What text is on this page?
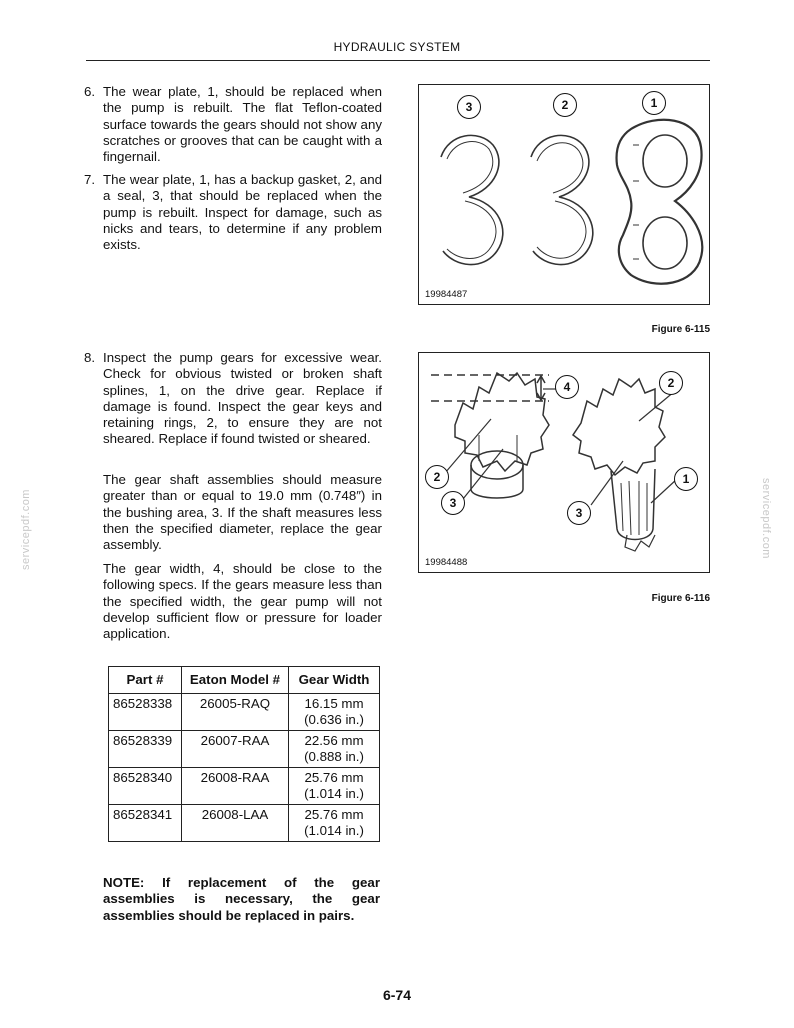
HYDRAULIC SYSTEM
6. The wear plate, 1, should be replaced when the pump is rebuilt. The flat Teflon-coated surface towards the gears should not show any scratches or grooves that can be caught with a fingernail.
7. The wear plate, 1, has a backup gasket, 2, and a seal, 3, that should be replaced when the pump is rebuilt. Inspect for damage, such as nicks and tears, to determine if any problem exists.
8. Inspect the pump gears for excessive wear. Check for obvious twisted or broken shaft splines, 1, on the drive gear. Replace if damage is found. Inspect the gear keys and retaining rings, 2, to ensure they are not sheared. Replace if found twisted or sheared.
The gear shaft assemblies should measure greater than or equal to 19.0 mm (0.748″) in the bushing area, 3. If the shaft measures less then the specified diameter, replace the gear assembly.
The gear width, 4, should be close to the following specs. If the gears measure less than the specified width, the gear pump will not develop sufficient flow or pressure for loader application.
3	2	1
19984487
Figure 6-115
4
2
2
1
3
3
19984488
Figure 6-116
Part #	Eaton Model #	Gear Width
86528338	26005-RAQ	16.15 mm
(0.636 in.)
86528339	26007-RAA	22.56 mm
(0.888 in.)
86528340	26008-RAA	25.76 mm
(1.014 in.)
86528341	26008-LAA	25.76 mm
(1.014 in.)
NOTE: If replacement of the gear assemblies is necessary, the gear assemblies should be replaced in pairs.
servicepdf.com	servicepdf.com
6-74
